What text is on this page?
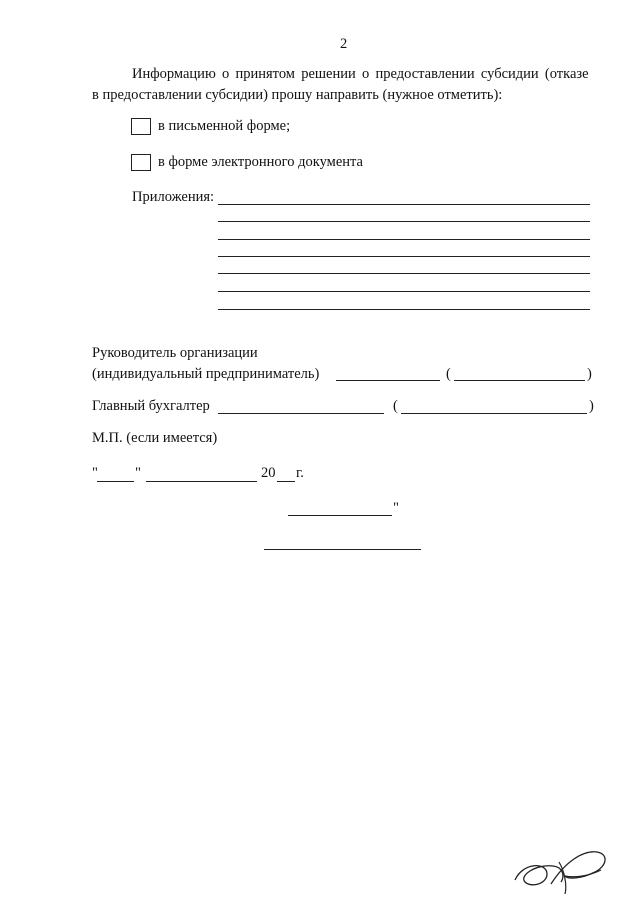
2
Информацию о принятом решении о предоставлении субсидии (отказе
в предоставлении субсидии) прошу направить (нужное отметить):
в письменной форме;
в форме электронного документа
Приложения:
Руководитель организации
(индивидуальный предприниматель)	(	)
Главный бухгалтер	(	)
М.П. (если имеется)
"	"	20 г.
"
